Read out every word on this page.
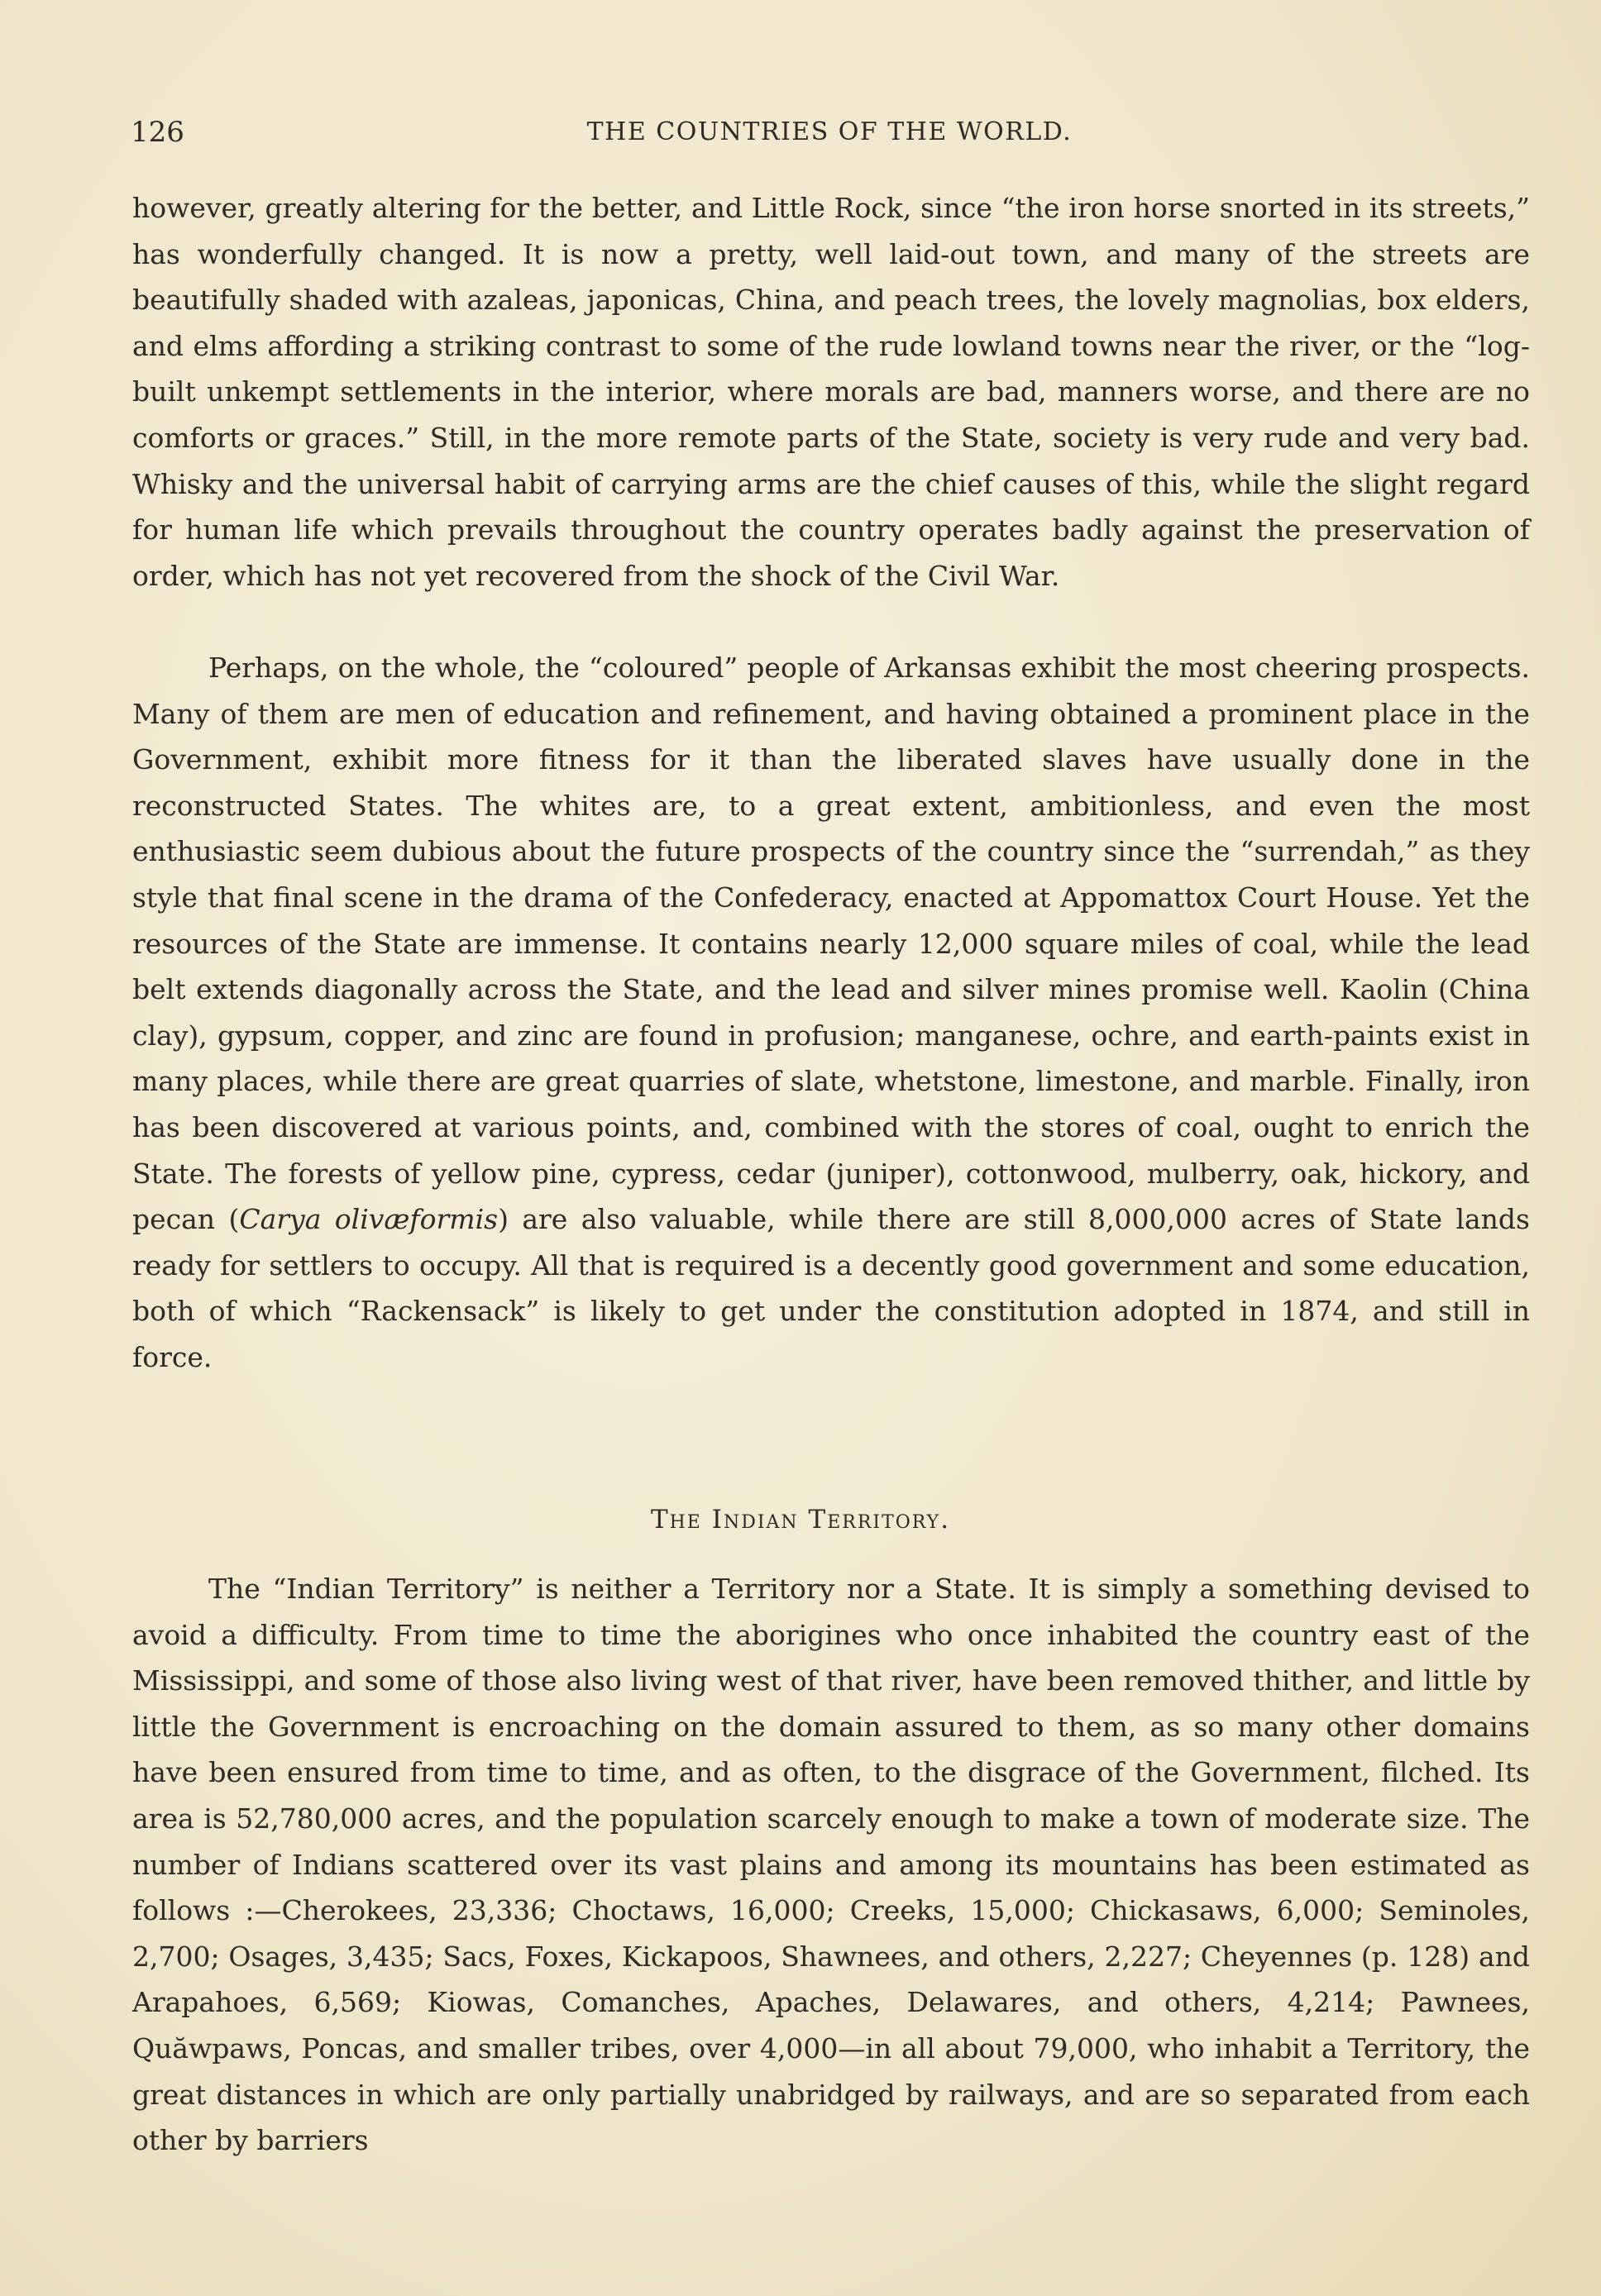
126	THE COUNTRIES OF THE WORLD.

however, greatly altering for the better, and Little Rock, since “the iron horse snorted in its streets,” has wonderfully changed. It is now a pretty, well laid-out town, and many of the streets are beautifully shaded with azaleas, japonicas, China, and peach trees, the lovely magnolias, box elders, and elms affording a striking contrast to some of the rude lowland towns near the river, or the “log-built unkempt settlements in the interior, where morals are bad, manners worse, and there are no comforts or graces.” Still, in the more remote parts of the State, society is very rude and very bad. Whisky and the universal habit of carrying arms are the chief causes of this, while the slight regard for human life which prevails throughout the country operates badly against the preservation of order, which has not yet recovered from the shock of the Civil War.

Perhaps, on the whole, the “coloured” people of Arkansas exhibit the most cheering prospects. Many of them are men of education and refinement, and having obtained a prominent place in the Government, exhibit more fitness for it than the liberated slaves have usually done in the reconstructed States. The whites are, to a great extent, ambitionless, and even the most enthusiastic seem dubious about the future prospects of the country since the “surrendah,” as they style that final scene in the drama of the Confederacy, enacted at Appomattox Court House. Yet the resources of the State are immense. It contains nearly 12,000 square miles of coal, while the lead belt extends diagonally across the State, and the lead and silver mines promise well. Kaolin (China clay), gypsum, copper, and zinc are found in profusion; manganese, ochre, and earth-paints exist in many places, while there are great quarries of slate, whetstone, limestone, and marble. Finally, iron has been discovered at various points, and, combined with the stores of coal, ought to enrich the State. The forests of yellow pine, cypress, cedar (juniper), cottonwood, mulberry, oak, hickory, and pecan (Carya olivæformis) are also valuable, while there are still 8,000,000 acres of State lands ready for settlers to occupy. All that is required is a decently good government and some education, both of which “Rackensack” is likely to get under the constitution adopted in 1874, and still in force.

The Indian Territory.

The “Indian Territory” is neither a Territory nor a State. It is simply a something devised to avoid a difficulty. From time to time the aborigines who once inhabited the country east of the Mississippi, and some of those also living west of that river, have been removed thither, and little by little the Government is encroaching on the domain assured to them, as so many other domains have been ensured from time to time, and as often, to the disgrace of the Government, filched. Its area is 52,780,000 acres, and the population scarcely enough to make a town of moderate size. The number of Indians scattered over its vast plains and among its mountains has been estimated as follows :—Cherokees, 23,336; Choctaws, 16,000; Creeks, 15,000; Chickasaws, 6,000; Seminoles, 2,700; Osages, 3,435; Sacs, Foxes, Kickapoos, Shawnees, and others, 2,227; Cheyennes (p. 128) and Arapahoes, 6,569; Kiowas, Comanches, Apaches, Delawares, and others, 4,214; Pawnees, Quăwpaws, Poncas, and smaller tribes, over 4,000—in all about 79,000, who inhabit a Territory, the great distances in which are only partially unabridged by railways, and are so separated from each other by barriers
